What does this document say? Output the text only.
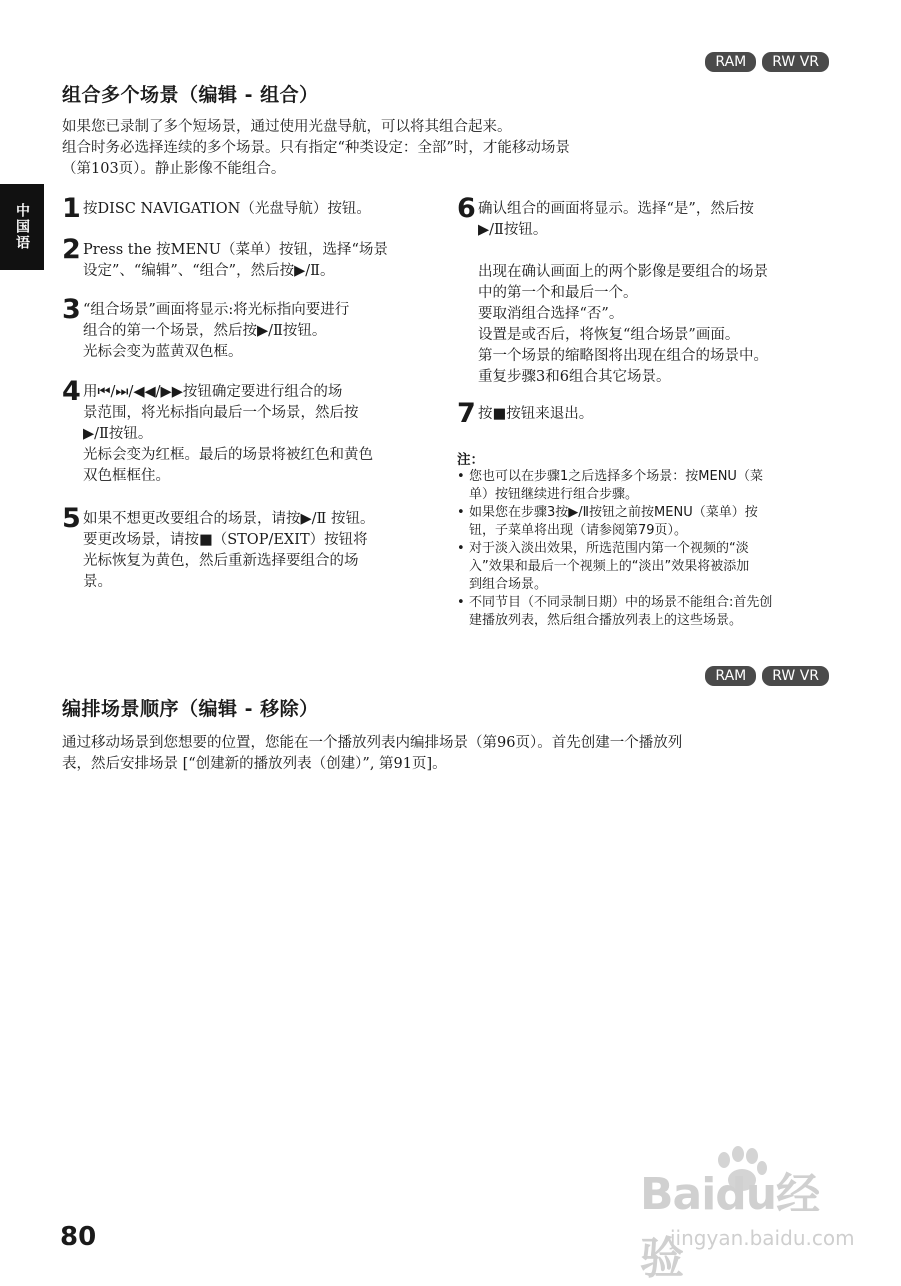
RAM	RW VR
组合多个场景（编辑 - 组合）
如果您已录制了多个短场景，通过使用光盘导航，可以将其组合起来。
组合时务必选择连续的多个场景。只有指定“种类设定：全部”时，才能移动场景
（第103页）。静止影像不能组合。
中国语 1 按DISC NAVIGATION（光盘导航）按钮。
2 Press the 按MENU（菜单）按钮，选择“场景
设定”、“编辑”、“组合”，然后按▶/Ⅱ。
3 “组合场景”画面将显示:将光标指向要进行
组合的第一个场景，然后按▶/Ⅱ按钮。
光标会变为蓝黄双色框。
4 用⏮/⏭/◀◀/▶▶按钮确定要进行组合的场
景范围，将光标指向最后一个场景，然后按
▶/Ⅱ按钮。
光标会变为红框。最后的场景将被红色和黄色
双色框框住。
5 如果不想更改要组合的场景，请按▶/Ⅱ 按钮。
要更改场景，请按■（STOP/EXIT）按钮将
光标恢复为黄色，然后重新选择要组合的场
景。
6 确认组合的画面将显示。选择“是”，然后按
▶/Ⅱ按钮。
出现在确认画面上的两个影像是要组合的场景
中的第一个和最后一个。
要取消组合选择“否”。
设置是或否后，将恢复“组合场景”画面。
第一个场景的缩略图将出现在组合的场景中。
重复步骤3和6组合其它场景。
7 按■按钮来退出。
注：
• 您也可以在步骤1之后选择多个场景：按MENU（菜
单）按钮继续进行组合步骤。
• 如果您在步骤3按▶/Ⅱ按钮之前按MENU（菜单）按
钮，子菜单将出现（请参阅第79页）。
• 对于淡入淡出效果，所选范围内第一个视频的“淡
入”效果和最后一个视频上的“淡出”效果将被添加
到组合场景。
• 不同节目（不同录制日期）中的场景不能组合:首先创
建播放列表，然后组合播放列表上的这些场景。
RAM	RW VR
编排场景顺序（编辑 - 移除）
通过移动场景到您想要的位置，您能在一个播放列表内编排场景（第96页）。首先创建一个播放列
表，然后安排场景 [“创建新的播放列表（创建）”, 第91页]。
80
Baidu经验
jingyan.baidu.com
